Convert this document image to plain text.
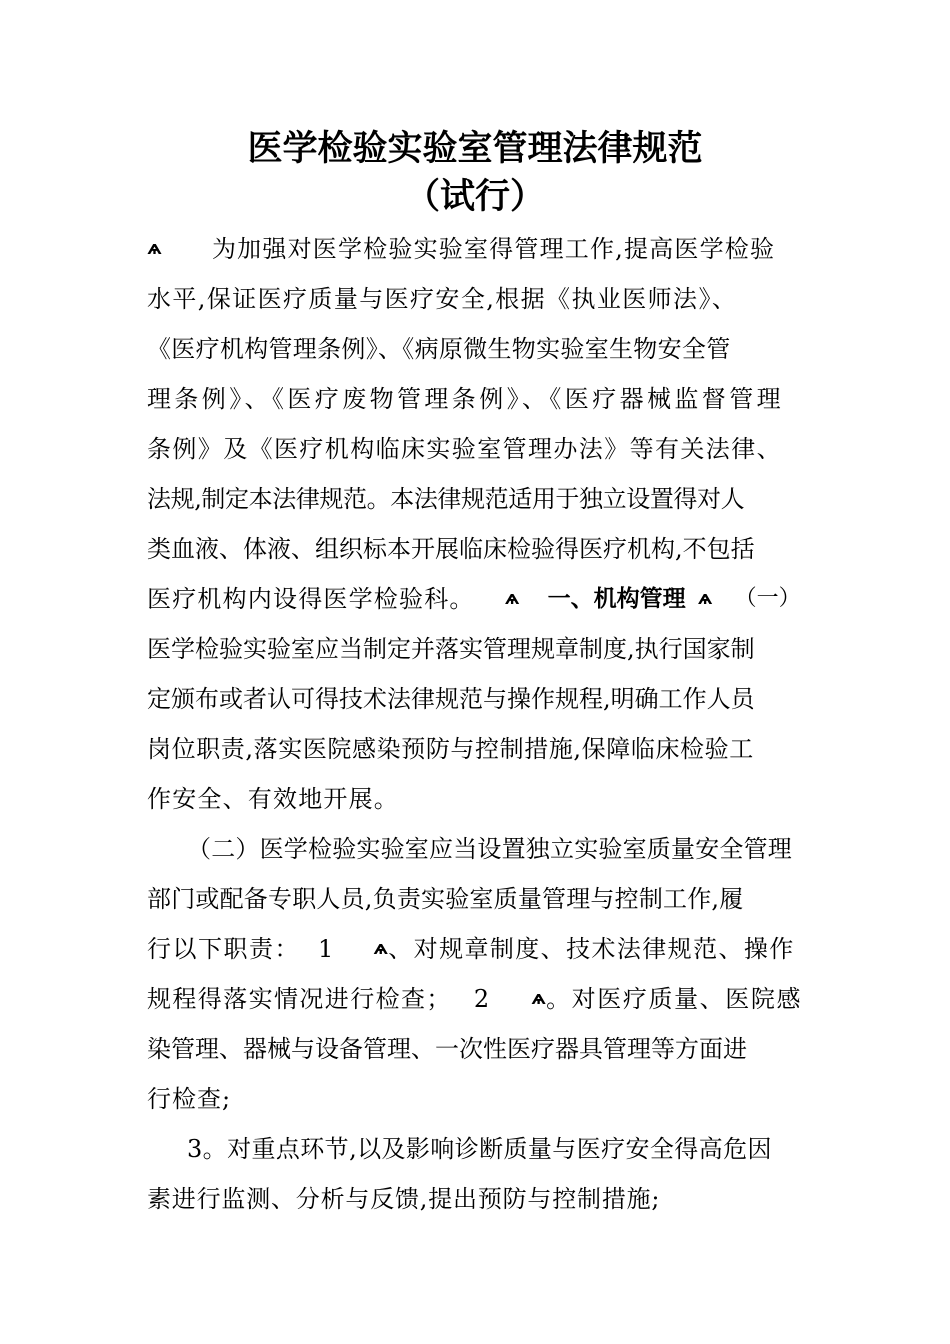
医学检验实验室管理法律规范
（试行）
ѧ 为加强对医学检验实验室得管理工作,提高医学检验
水平,保证医疗质量与医疗安全,根据《执业医师法》、
《医疗机构管理条例》、《病原微生物实验室生物安全管
理条例》、《医疗废物管理条例》、《医疗器械监督管理
条例》及《医疗机构临床实验室管理办法》等有关法律、
法规,制定本法律规范。本法律规范适用于独立设置得对人
类血液、体液、组织标本开展临床检验得医疗机构,不包括
医疗机构内设得医学检验科。 ѧ 一、机构管理 ѧ （一）
医学检验实验室应当制定并落实管理规章制度,执行国家制
定颁布或者认可得技术法律规范与操作规程,明确工作人员
岗位职责,落实医院感染预防与控制措施,保障临床检验工
作安全、有效地开展。
（二）医学检验实验室应当设置独立实验室质量安全管理
部门或配备专职人员,负责实验室质量管理与控制工作,履
行以下职责： 1 ѧ 、对规章制度、技术法律规范、操作
规程得落实情况进行检查； 2 ѧ 。对医疗质量、医院感
染管理、器械与设备管理、一次性医疗器具管理等方面进
行检查;
3。对重点环节,以及影响诊断质量与医疗安全得高危因
素进行监测、分析与反馈,提出预防与控制措施;
